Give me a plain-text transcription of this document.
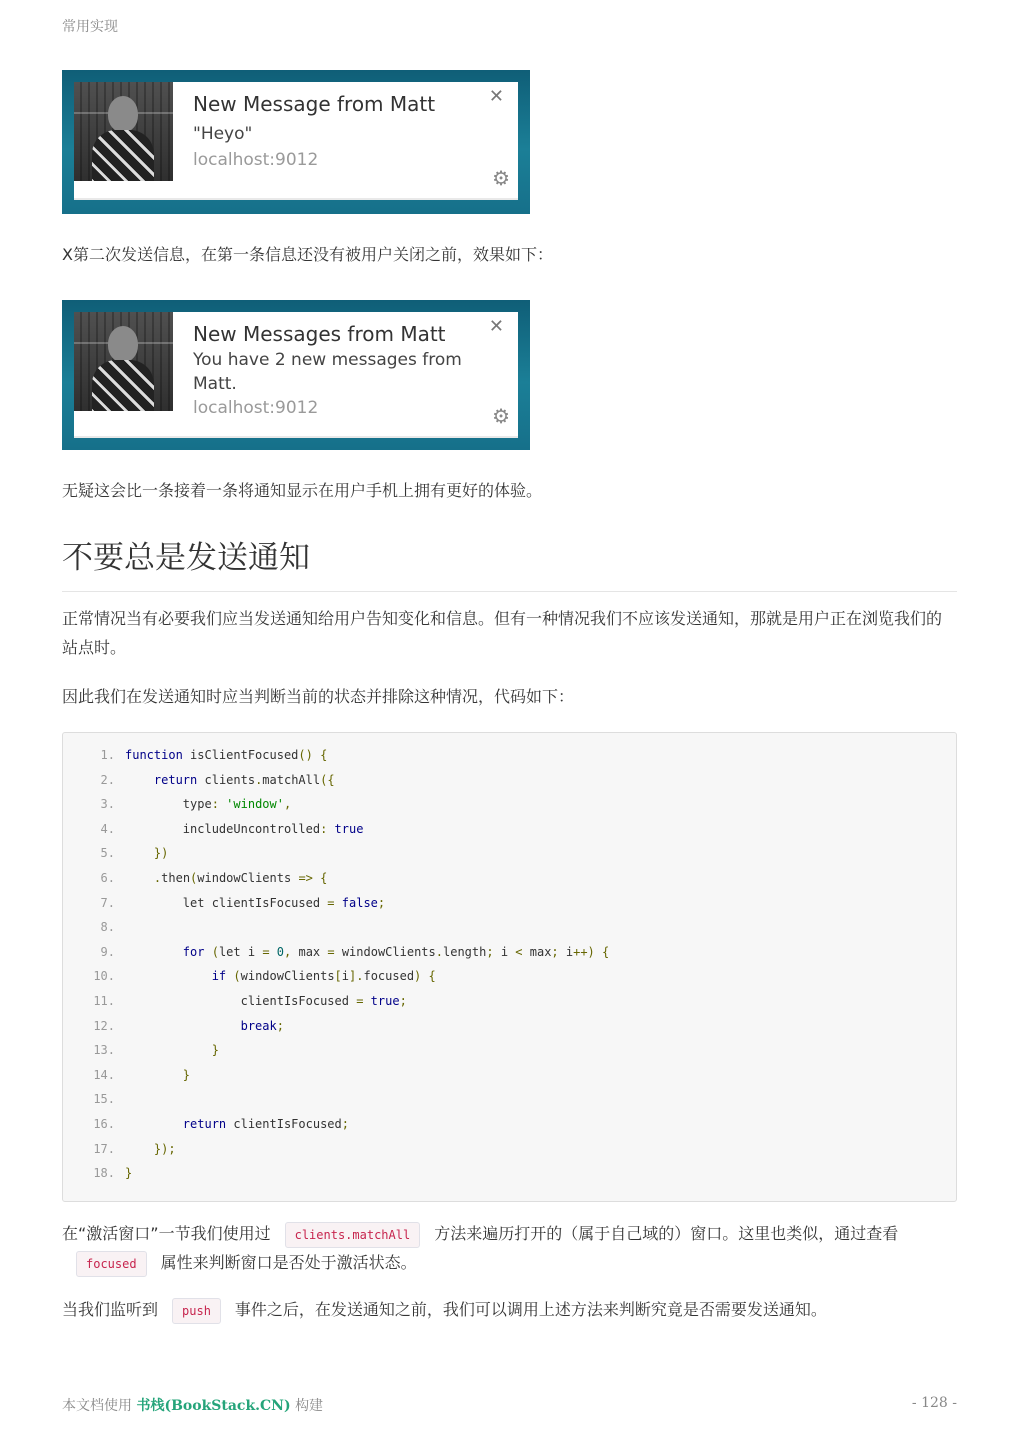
常用实现
New Message from Matt
"Heyo"
localhost:9012
✕
⚙

X第二次发送信息，在第一条信息还没有被用户关闭之前，效果如下：

New Messages from Matt
You have 2 new messages from Matt.
localhost:9012
✕
⚙

无疑这会比一条接着一条将通知显示在用户手机上拥有更好的体验。

不要总是发送通知

正常情况当有必要我们应当发送通知给用户告知变化和信息。但有一种情况我们不应该发送通知，那就是用户正在浏览我们的站点时。

因此我们在发送通知时应当判断当前的状态并排除这种情况，代码如下：

1. function isClientFocused() {
2.	return clients.matchAll({
3.        type: 'window',
4.        includeUncontrolled: true
5.	})
6.	.then(windowClients => {
7.        let clientIsFocused = false;
8.
9.	for (let i = 0, max = windowClients.length; i < max; i++) {
10.	if (windowClients[i].focused) {
11.                clientIsFocused = true;
12.	break;
13.	}
14.	}
15.
16.	return clientIsFocused;
17.	});
18. }

在“激活窗口”一节我们使用过 clients.matchAll 方法来遍历打开的（属于自己域的）窗口。这里也类似，通过查看focused 属性来判断窗口是否处于激活状态。

当我们监听到 push 事件之后，在发送通知之前，我们可以调用上述方法来判断究竟是否需要发送通知。

本文档使用 书栈(BookStack.CN) 构建	- 128 -
